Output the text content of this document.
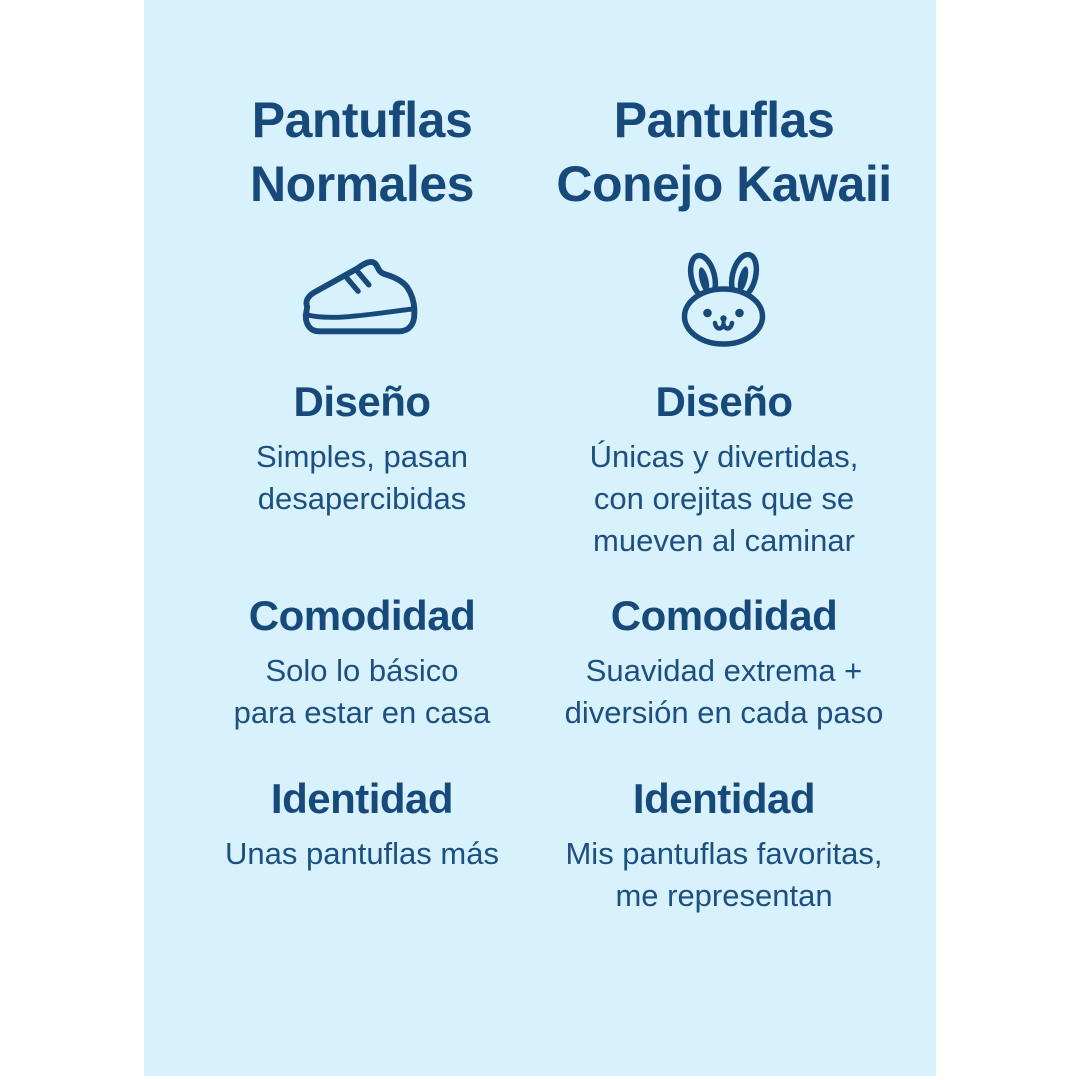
Pantuflas
Normales
Pantuflas
Conejo Kawaii
Diseño
Simples, pasan
desapercibidas
Diseño
Únicas y divertidas,
con orejitas que se
mueven al caminar
Comodidad
Solo lo básico
para estar en casa
Comodidad
Suavidad extrema +
diversión en cada paso
Identidad
Unas pantuflas más
Identidad
Mis pantuflas favoritas,
me representan
